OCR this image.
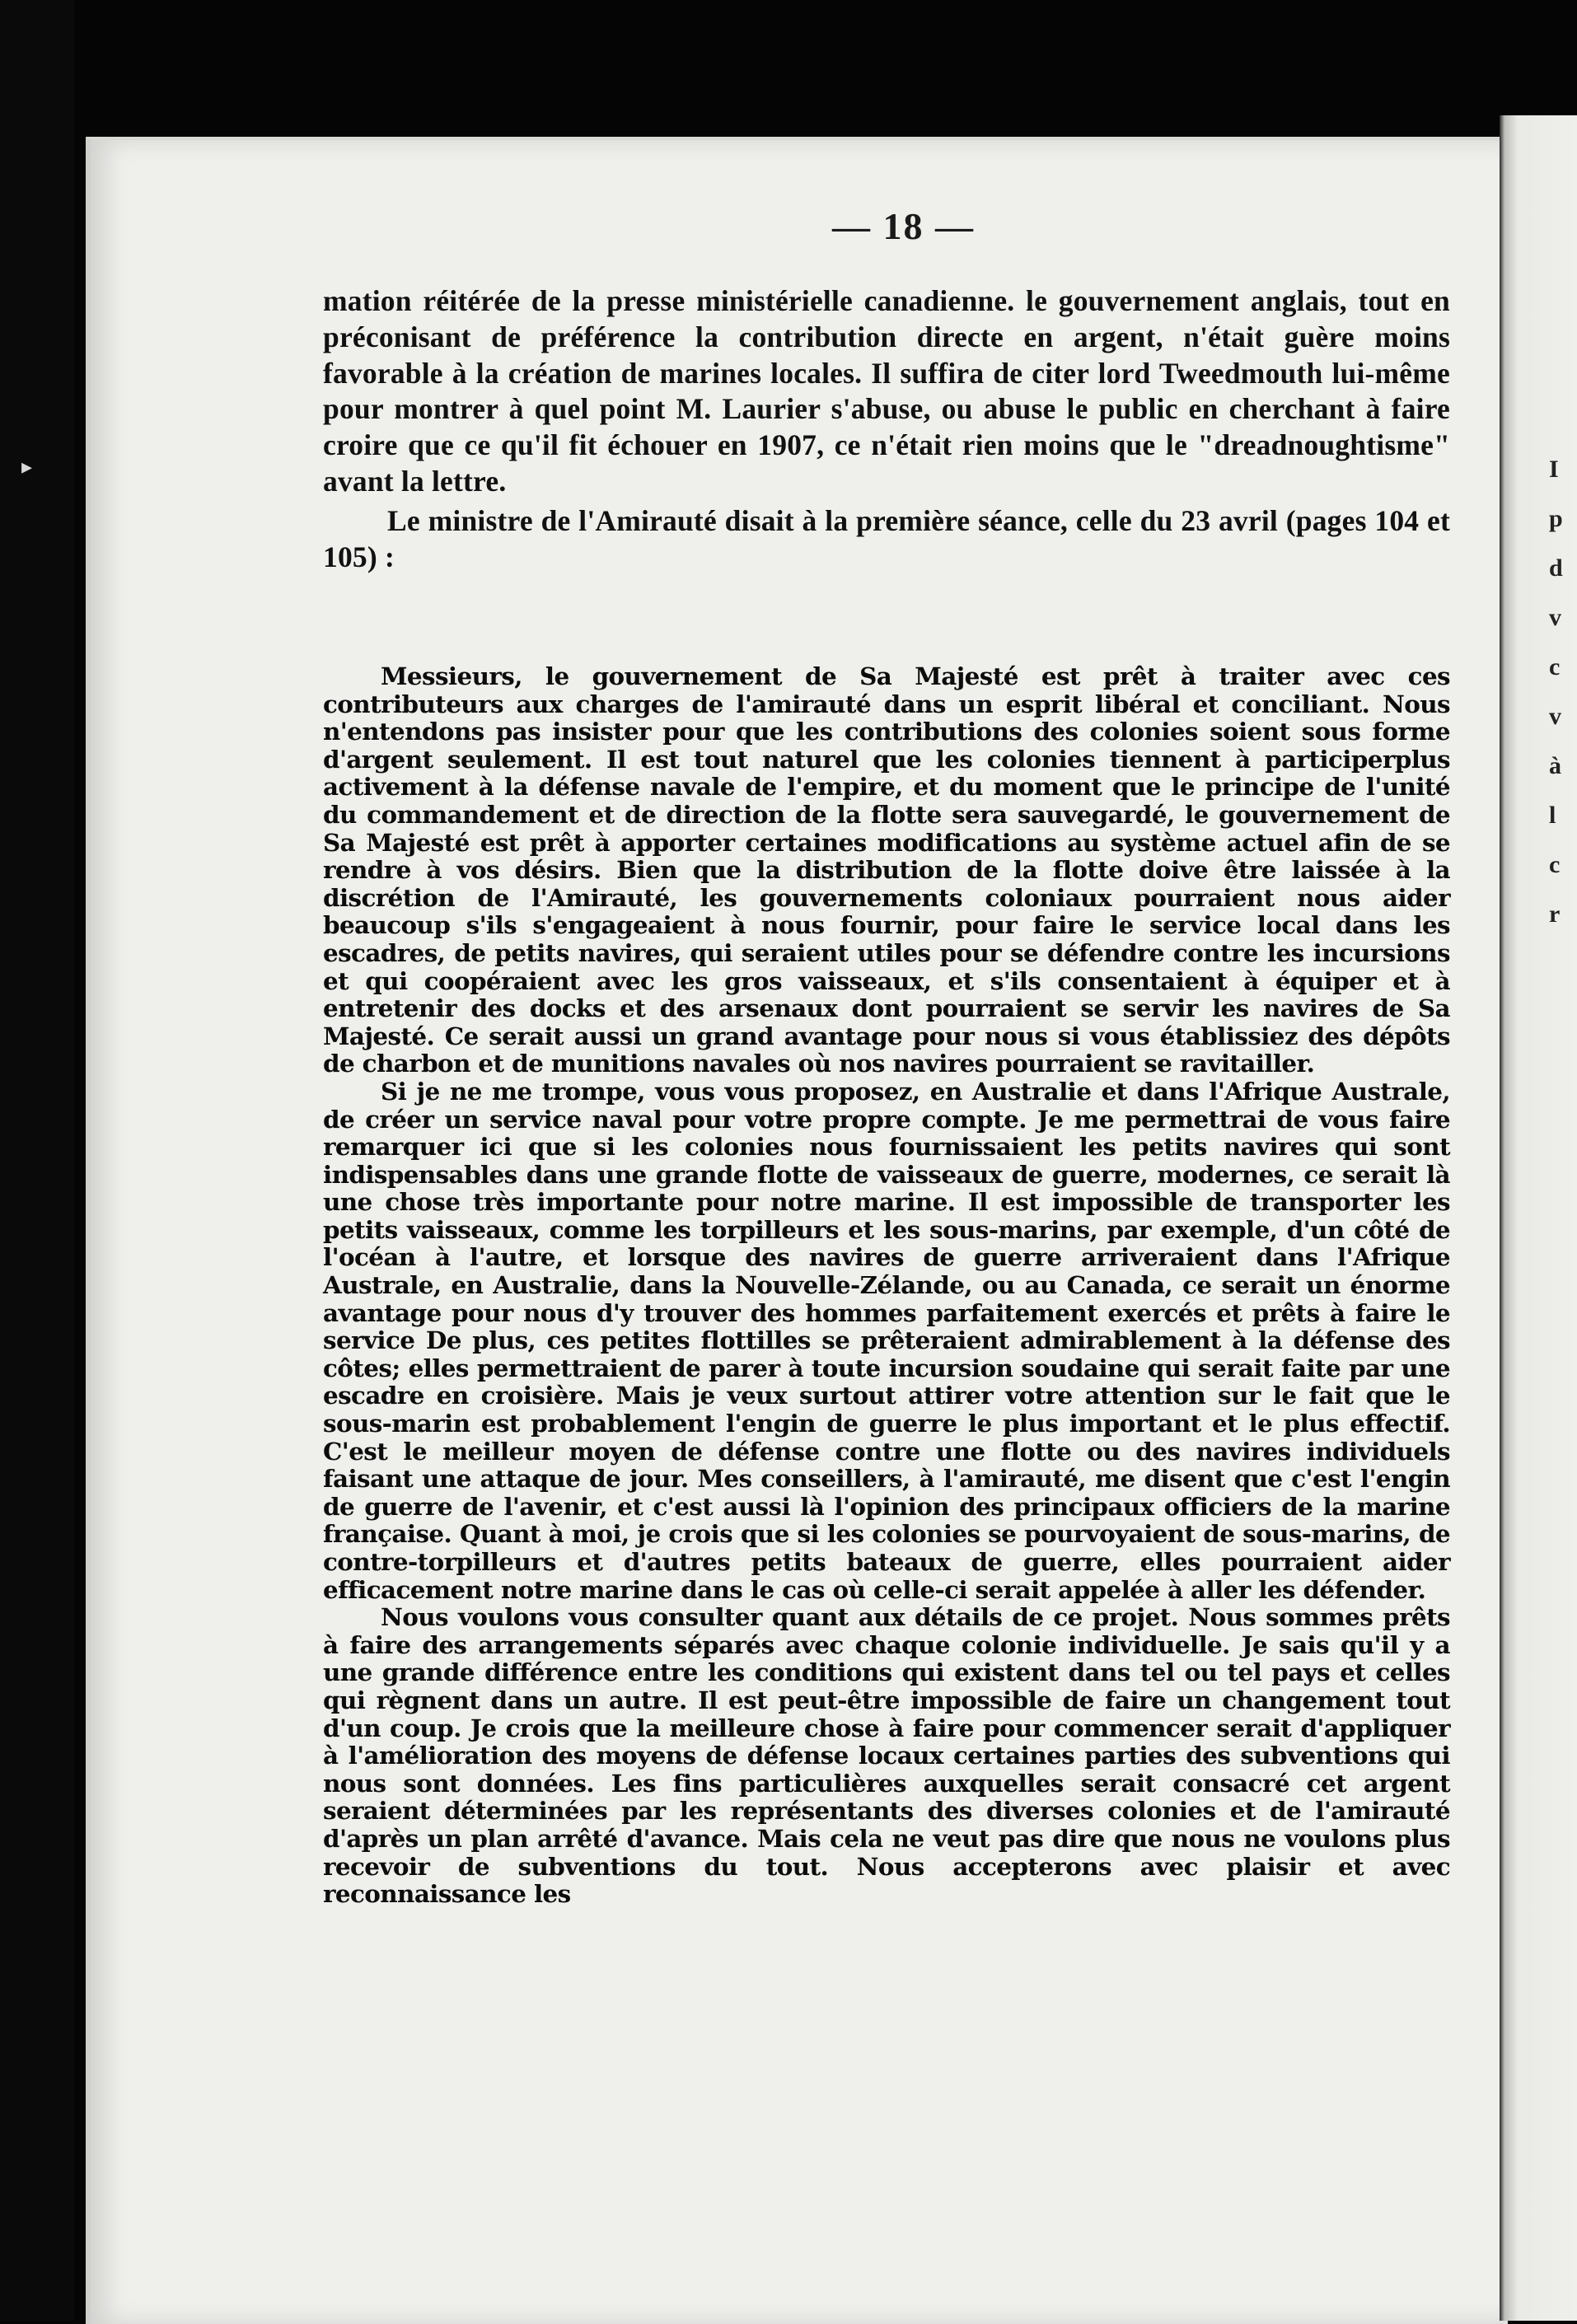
▸
— 18 —

mation réitérée de la presse ministérielle canadienne. le gouvernement anglais, tout en préconisant de préférence la contribution directe en argent, n'était guère moins favorable à la création de marines locales. Il suffira de citer lord Tweedmouth lui-même pour montrer à quel point M. Laurier s'abuse, ou abuse le public en cherchant à faire croire que ce qu'il fit échouer en 1907, ce n'était rien moins que le "dreadnoughtisme" avant la lettre.

Le ministre de l'Amirauté disait à la première séance, celle du 23 avril (pages 104 et 105) :

Messieurs, le gouvernement de Sa Majesté est prêt à traiter avec ces contributeurs aux charges de l'amirauté dans un esprit libéral et conciliant. Nous n'entendons pas insister pour que les contributions des colonies soient sous forme d'argent seulement. Il est tout naturel que les colonies tiennent à participerplus activement à la défense navale de l'empire, et du moment que le principe de l'unité du commandement et de direction de la flotte sera sauvegardé, le gouvernement de Sa Majesté est prêt à apporter certaines modifications au système actuel afin de se rendre à vos désirs. Bien que la distribution de la flotte doive être laissée à la discrétion de l'Amirauté, les gouvernements coloniaux pourraient nous aider beaucoup s'ils s'engageaient à nous fournir, pour faire le service local dans les escadres, de petits navires, qui seraient utiles pour se défendre contre les incursions et qui coopéraient avec les gros vaisseaux, et s'ils consentaient à équiper et à entretenir des docks et des arsenaux dont pourraient se servir les navires de Sa Majesté. Ce serait aussi un grand avantage pour nous si vous établissiez des dépôts de charbon et de munitions navales où nos navires pourraient se ravitailler.

Si je ne me trompe, vous vous proposez, en Australie et dans l'Afrique Australe, de créer un service naval pour votre propre compte. Je me permettrai de vous faire remarquer ici que si les colonies nous fournissaient les petits navires qui sont indispensables dans une grande flotte de vaisseaux de guerre, modernes, ce serait là une chose très importante pour notre marine. Il est impossible de transporter les petits vaisseaux, comme les torpilleurs et les sous-marins, par exemple, d'un côté de l'océan à l'autre, et lorsque des navires de guerre arriveraient dans l'Afrique Australe, en Australie, dans la Nouvelle-Zélande, ou au Canada, ce serait un énorme avantage pour nous d'y trouver des hommes parfaitement exercés et prêts à faire le service De plus, ces petites flottilles se prêteraient admirablement à la défense des côtes; elles permettraient de parer à toute incursion soudaine qui serait faite par une escadre en croisière. Mais je veux surtout attirer votre attention sur le fait que le sous-marin est probablement l'engin de guerre le plus important et le plus effectif. C'est le meilleur moyen de défense contre une flotte ou des navires individuels faisant une attaque de jour. Mes conseillers, à l'amirauté, me disent que c'est l'engin de guerre de l'avenir, et c'est aussi là l'opinion des principaux officiers de la marine française. Quant à moi, je crois que si les colonies se pourvoyaient de sous-marins, de contre-torpilleurs et d'autres petits bateaux de guerre, elles pourraient aider efficacement notre marine dans le cas où celle-ci serait appelée à aller les défender.

Nous voulons vous consulter quant aux détails de ce projet. Nous sommes prêts à faire des arrangements séparés avec chaque colonie individuelle. Je sais qu'il y a une grande différence entre les conditions qui existent dans tel ou tel pays et celles qui règnent dans un autre. Il est peut-être impossible de faire un changement tout d'un coup. Je crois que la meilleure chose à faire pour commencer serait d'appliquer à l'amélioration des moyens de défense locaux certaines parties des subventions qui nous sont données. Les fins particulières auxquelles serait consacré cet argent seraient déterminées par les représentants des diverses colonies et de l'amirauté d'après un plan arrêté d'avance. Mais cela ne veut pas dire que nous ne voulons plus recevoir de subventions du tout. Nous accepterons avec plaisir et avec reconnaissance les

I
p
d
v
c
v
à
l
c
r
